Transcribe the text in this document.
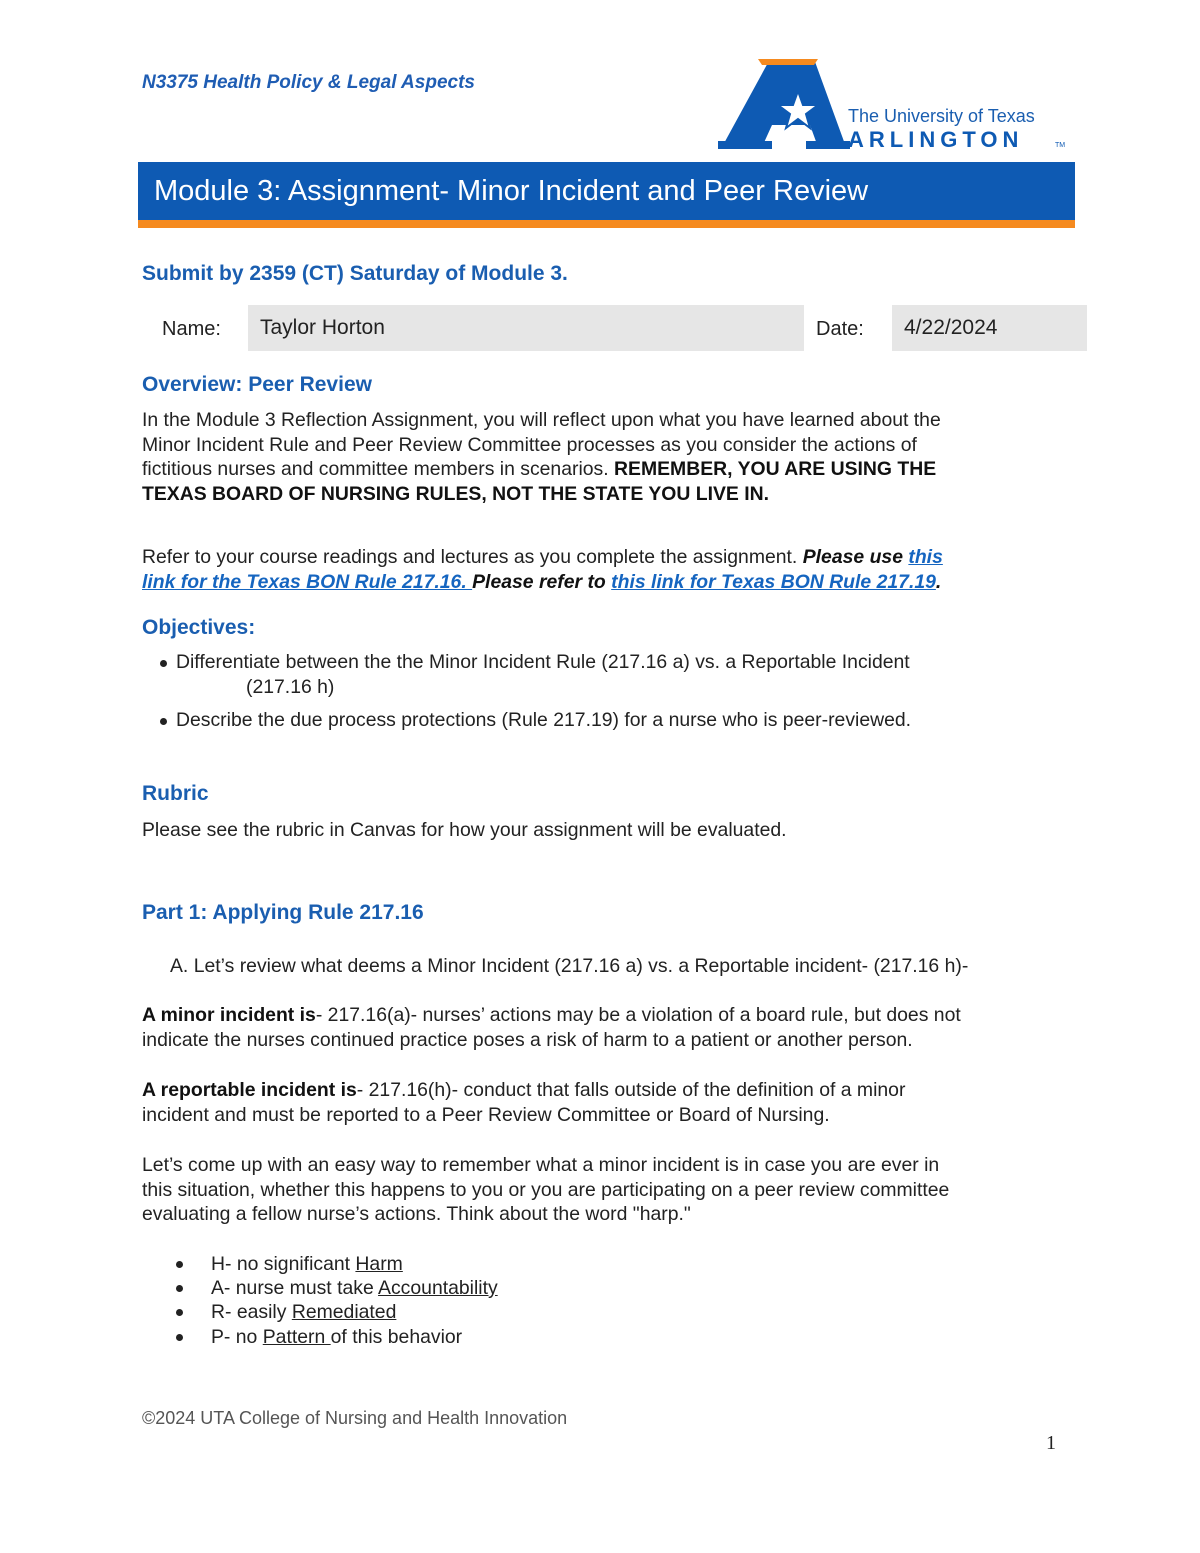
N3375 Health Policy & Legal Aspects
The University of Texas
ARLINGTON	TM
Module 3: Assignment- Minor Incident and Peer Review
Submit by 2359 (CT) Saturday of Module 3.
Name:	Taylor Horton	Date:	4/22/2024
Overview: Peer Review
In the Module 3 Reflection Assignment, you will reflect upon what you have learned about the
Minor Incident Rule and Peer Review Committee processes as you consider the actions of
fictitious nurses and committee members in scenarios. REMEMBER, YOU ARE USING THE
TEXAS BOARD OF NURSING RULES, NOT THE STATE YOU LIVE IN.
Refer to your course readings and lectures as you complete the assignment. Please use this
link for the Texas BON Rule 217.16. Please refer to this link for Texas BON Rule 217.19.
Objectives:
Differentiate between the the Minor Incident Rule (217.16 a) vs. a Reportable Incident
(217.16 h)
Describe the due process protections (Rule 217.19) for a nurse who is peer-reviewed.
Rubric
Please see the rubric in Canvas for how your assignment will be evaluated.
Part 1: Applying Rule 217.16
A. Let’s review what deems a Minor Incident (217.16 a) vs. a Reportable incident- (217.16 h)-
A minor incident is- 217.16(a)- nurses’ actions may be a violation of a board rule, but does not
indicate the nurses continued practice poses a risk of harm to a patient or another person.
A reportable incident is- 217.16(h)- conduct that falls outside of the definition of a minor
incident and must be reported to a Peer Review Committee or Board of Nursing.
Let’s come up with an easy way to remember what a minor incident is in case you are ever in
this situation, whether this happens to you or you are participating on a peer review committee
evaluating a fellow nurse’s actions. Think about the word "harp."
H- no significant Harm
A- nurse must take Accountability
R- easily Remediated
P- no Pattern of this behavior
©2024 UTA College of Nursing and Health Innovation
1
